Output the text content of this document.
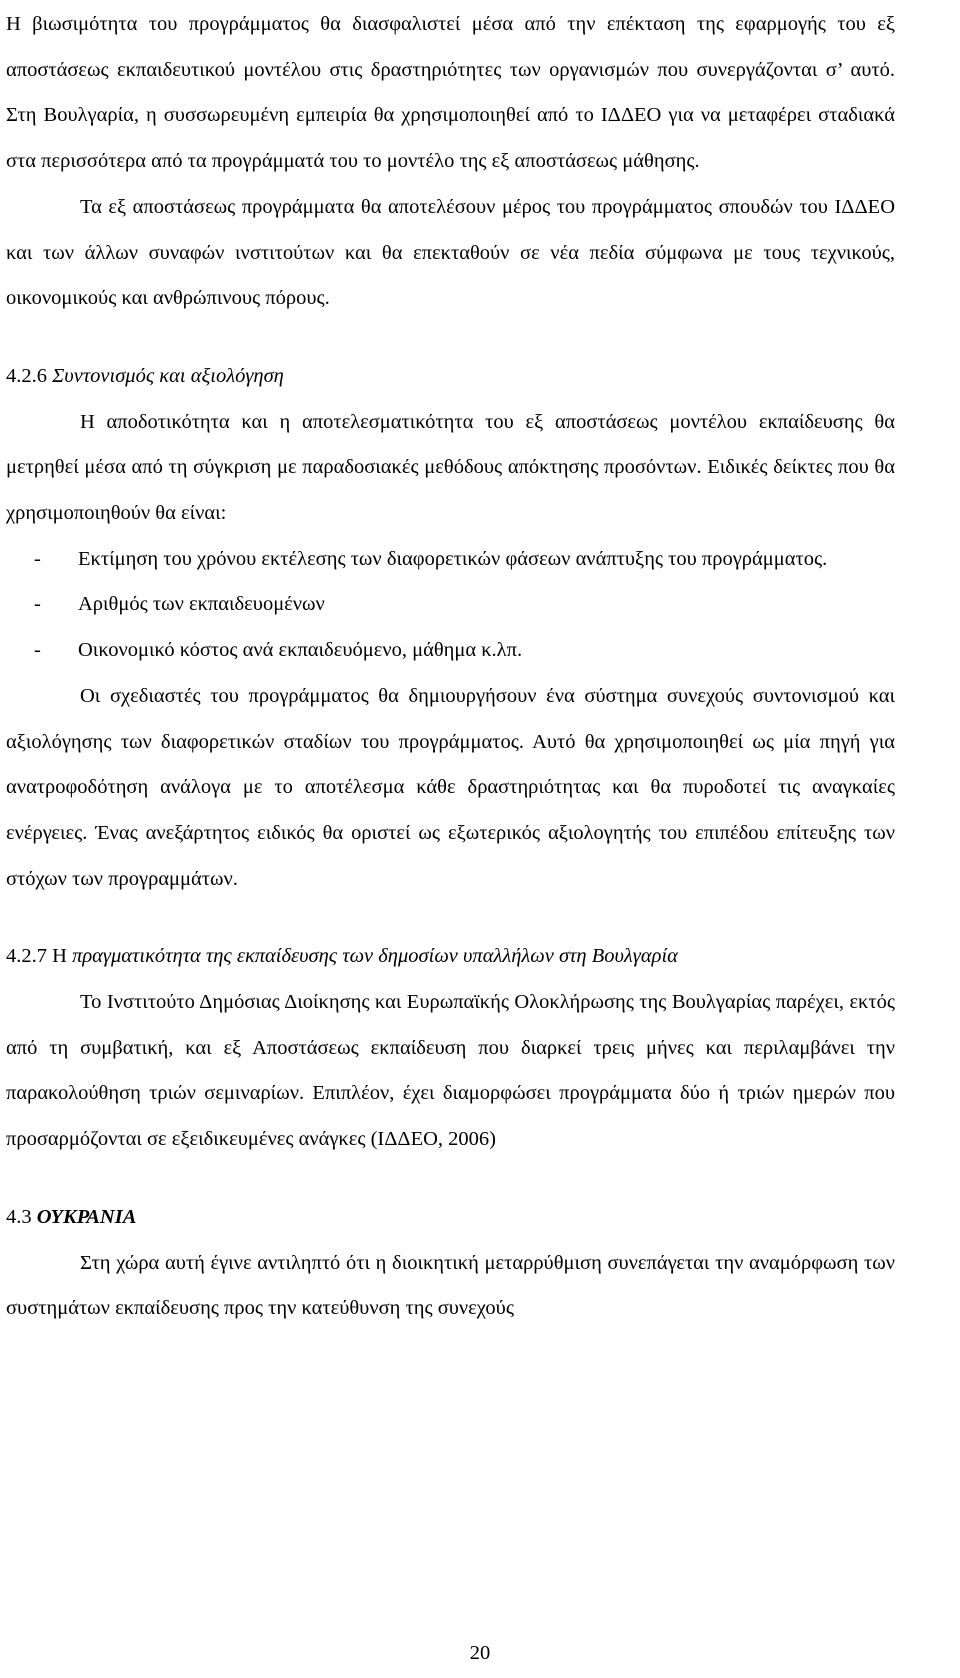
Η βιωσιμότητα του προγράμματος θα διασφαλιστεί μέσα από την επέκταση της εφαρμογής του εξ αποστάσεως εκπαιδευτικού μοντέλου στις δραστηριότητες των οργανισμών που συνεργάζονται σ’ αυτό. Στη Βουλγαρία, η συσσωρευμένη εμπειρία θα χρησιμοποιηθεί από το ΙΔΔΕΟ για να μεταφέρει σταδιακά στα περισσότερα από τα προγράμματά του το μοντέλο της εξ αποστάσεως μάθησης.

Τα εξ αποστάσεως προγράμματα θα αποτελέσουν μέρος του προγράμματος σπουδών του ΙΔΔΕΟ και των άλλων συναφών ινστιτούτων και θα επεκταθούν σε νέα πεδία σύμφωνα με τους τεχνικούς, οικονομικούς και ανθρώπινους πόρους.

4.2.6 Συντονισμός και αξιολόγηση

Η αποδοτικότητα και η αποτελεσματικότητα του εξ αποστάσεως μοντέλου εκπαίδευσης θα μετρηθεί μέσα από τη σύγκριση με παραδοσιακές μεθόδους απόκτησης προσόντων. Ειδικές δείκτες που θα χρησιμοποιηθούν θα είναι:

-	Εκτίμηση του χρόνου εκτέλεσης των διαφορετικών φάσεων ανάπτυξης του προγράμματος.
-	Αριθμός των εκπαιδευομένων
-	Οικονομικό κόστος ανά εκπαιδευόμενο, μάθημα κ.λπ.

Οι σχεδιαστές του προγράμματος θα δημιουργήσουν ένα σύστημα συνεχούς συντονισμού και αξιολόγησης των διαφορετικών σταδίων του προγράμματος. Αυτό θα χρησιμοποιηθεί ως μία πηγή για ανατροφοδότηση ανάλογα με το αποτέλεσμα κάθε δραστηριότητας και θα πυροδοτεί τις αναγκαίες ενέργειες. Ένας ανεξάρτητος ειδικός θα οριστεί ως εξωτερικός αξιολογητής του επιπέδου επίτευξης των στόχων των προγραμμάτων.

4.2.7 Η πραγματικότητα της εκπαίδευσης των δημοσίων υπαλλήλων στη Βουλγαρία

Το Ινστιτούτο Δημόσιας Διοίκησης και Ευρωπαϊκής Ολοκλήρωσης της Βουλγαρίας παρέχει, εκτός από τη συμβατική, και εξ Αποστάσεως εκπαίδευση που διαρκεί τρεις μήνες και περιλαμβάνει την παρακολούθηση τριών σεμιναρίων. Επιπλέον, έχει διαμορφώσει προγράμματα δύο ή τριών ημερών που προσαρμόζονται σε εξειδικευμένες ανάγκες (ΙΔΔΕΟ, 2006)

4.3 ΟΥΚΡΑΝΙΑ

Στη χώρα αυτή έγινε αντιληπτό ότι η διοικητική μεταρρύθμιση συνεπάγεται την αναμόρφωση των συστημάτων εκπαίδευσης προς την κατεύθυνση της συνεχούς

20
